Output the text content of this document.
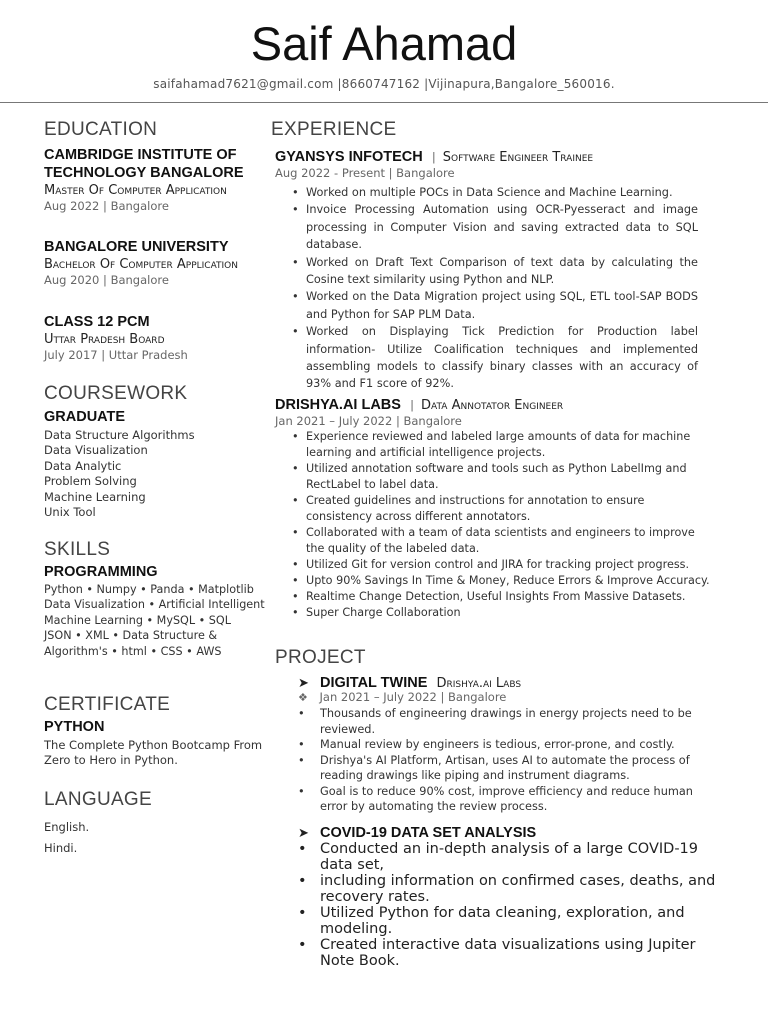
Saif Ahamad
saifahamad7621@gmail.com |8660747162 |Vijinapura,Bangalore_560016.
EDUCATION
CAMBRIDGE INSTITUTE OF TECHNOLOGY BANGALORE
Master Of Computer Application
Aug 2022 | Bangalore
BANGALORE UNIVERSITY
Bachelor Of Computer Application
Aug 2020 | Bangalore
CLASS 12 PCM
Uttar Pradesh Board
July 2017 | Uttar Pradesh
COURSEWORK
GRADUATE
Data Structure Algorithms
Data Visualization
Data Analytic
Problem Solving
Machine Learning
Unix Tool
SKILLS
PROGRAMMING
Python • Numpy • Panda • Matplotlib
Data Visualization • Artificial Intelligent
Machine Learning • MySQL • SQL
JSON • XML • Data Structure &
Algorithm's • html • CSS • AWS
CERTIFICATE
PYTHON
The Complete Python Bootcamp From
Zero to Hero in Python.
LANGUAGE
English.
Hindi.
EXPERIENCE
GYANSYS INFOTECH | Software Engineer Trainee
Aug 2022 - Present | Bangalore
• Worked on multiple POCs in Data Science and Machine Learning.
• Invoice Processing Automation using OCR-Pyesseract and image processing in Computer Vision and saving extracted data to SQL database.
• Worked on Draft Text Comparison of text data by calculating the Cosine text similarity using Python and NLP.
• Worked on the Data Migration project using SQL, ETL tool-SAP BODS and Python for SAP PLM Data.
• Worked on Displaying Tick Prediction for Production label information- Utilize Coalification techniques and implemented assembling models to classify binary classes with an accuracy of 93% and F1 score of 92%.
DRISHYA.AI LABS | Data Annotator Engineer
Jan 2021 – July 2022 | Bangalore
• Experience reviewed and labeled large amounts of data for machine learning and artificial intelligence projects.
• Utilized annotation software and tools such as Python LabelImg and RectLabel to label data.
• Created guidelines and instructions for annotation to ensure consistency across different annotators.
• Collaborated with a team of data scientists and engineers to improve the quality of the labeled data.
• Utilized Git for version control and JIRA for tracking project progress.
• Upto 90% Savings In Time & Money, Reduce Errors & Improve Accuracy.
• Realtime Change Detection, Useful Insights From Massive Datasets.
• Super Charge Collaboration
PROJECT
➤ DIGITAL TWINE Drishya.ai Labs
❖ Jan 2021 – July 2022 | Bangalore
• Thousands of engineering drawings in energy projects need to be reviewed.
• Manual review by engineers is tedious, error-prone, and costly.
• Drishya's AI Platform, Artisan, uses AI to automate the process of reading drawings like piping and instrument diagrams.
• Goal is to reduce 90% cost, improve efficiency and reduce human error by automating the review process.
➤ COVID-19 DATA SET ANALYSIS
• Conducted an in-depth analysis of a large COVID-19 data set,
• including information on confirmed cases, deaths, and recovery rates.
• Utilized Python for data cleaning, exploration, and modeling.
• Created interactive data visualizations using Jupiter Note Book.
